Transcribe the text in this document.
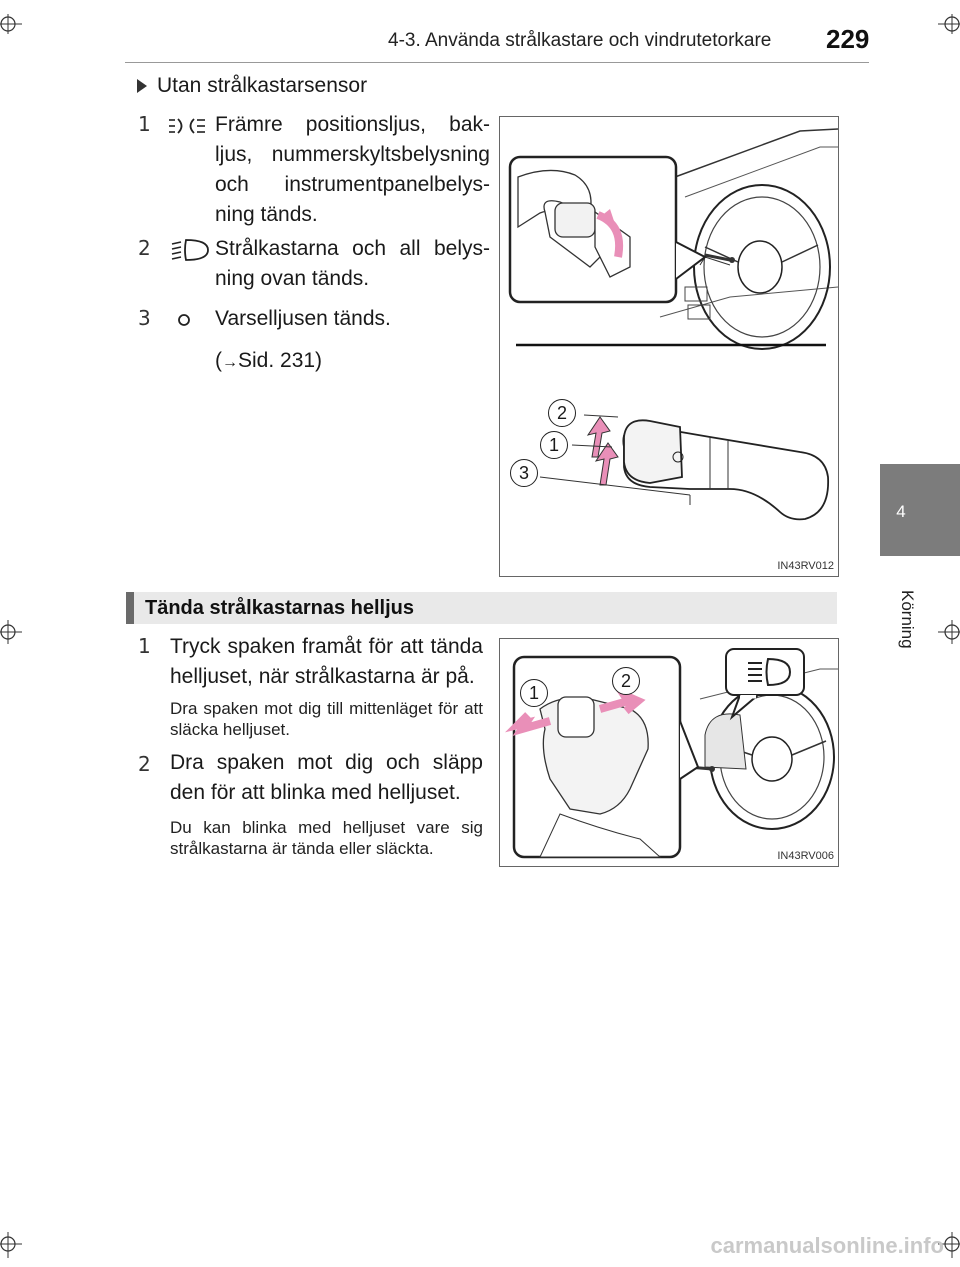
4-3. Använda strålkastare och vindrutetorkare 229
4
Körning
Utan strålkastarsensor
1	Främre positionsljus, bak-ljus, nummerskyltsbelysning och instrumentpanelbelys-ning tänds.
2	Strålkastarna och all belys-ning ovan tänds.
3	Varselljusen tänds.
(→Sid. 231)
IN43RV012
2
1
3
Tända strålkastarnas helljus
1 Tryck spaken framåt för att tända helljuset, när strålkastarna är på.
Dra spaken mot dig till mittenläget för att släcka helljuset.
2 Dra spaken mot dig och släpp den för att blinka med helljuset.
Du kan blinka med helljuset vare sig strålkastarna är tända eller släckta.
1
2
IN43RV006
carmanualsonline.info
